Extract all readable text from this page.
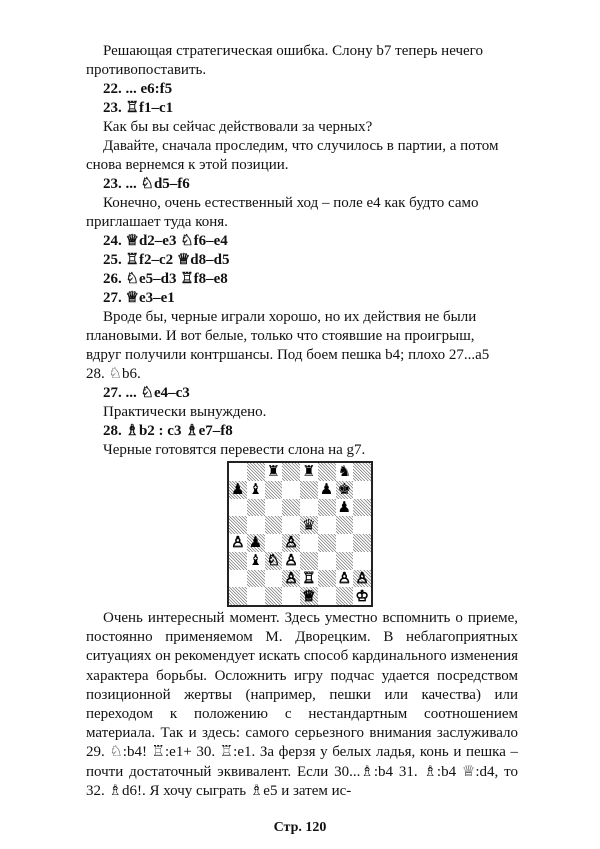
Решающая стратегическая ошибка. Слону b7 теперь нечего

противопоставить.

22. ... е6:f5

23. ♖f1–c1

Как бы вы сейчас действовали за черных?

Давайте, сначала проследим, что случилось в партии, а потом

снова вернемся к этой позиции.

23. ... ♘d5–f6

Конечно, очень естественный ход – поле е4 как будто само

приглашает туда коня.

24. ♕d2–e3 ♘f6–e4

25. ♖f2–c2 ♕d8–d5

26. ♘e5–d3 ♖f8–e8

27. ♕e3–e1

Вроде бы, черные играли хорошо, но их действия не были

плановыми. И вот белые, только что стоявшие на проигрыш,

вдруг получили контршансы. Под боем пешка b4; плохо 27...a5

28. ♘b6.

27. ... ♘e4–c3

Практически вынуждено.

28. ♗b2 : c3 ♗e7–f8

Черные готовятся перевести слона на g7.

♜ ♜ ♞
♟ ♝	♟ ♚
♟
♛
♙ ♟ ♙
♝ ♘ ♙
♙ ♖ ♙ ♙
♕	♔

Очень интересный момент. Здесь уместно вспомнить о приеме, постоянно применяемом М. Дворецким. В неблагоприятных ситуациях он рекомендует искать способ кардинального изменения характера борьбы. Осложнить игру подчас удается посредством позиционной жертвы (например, пешки или качества) или переходом к положению с нестандартным соотношением материала. Так и здесь: самого серьезного внимания заслуживало 29. ♘:b4! ♖:e1+ 30. ♖:e1. За ферзя у белых ладья, конь и пешка – почти достаточный эквивалент. Если 30...♗:b4 31. ♗:b4 ♕:d4, то 32. ♗d6!. Я хочу сыграть ♗e5 и затем ис-

Стр. 120
